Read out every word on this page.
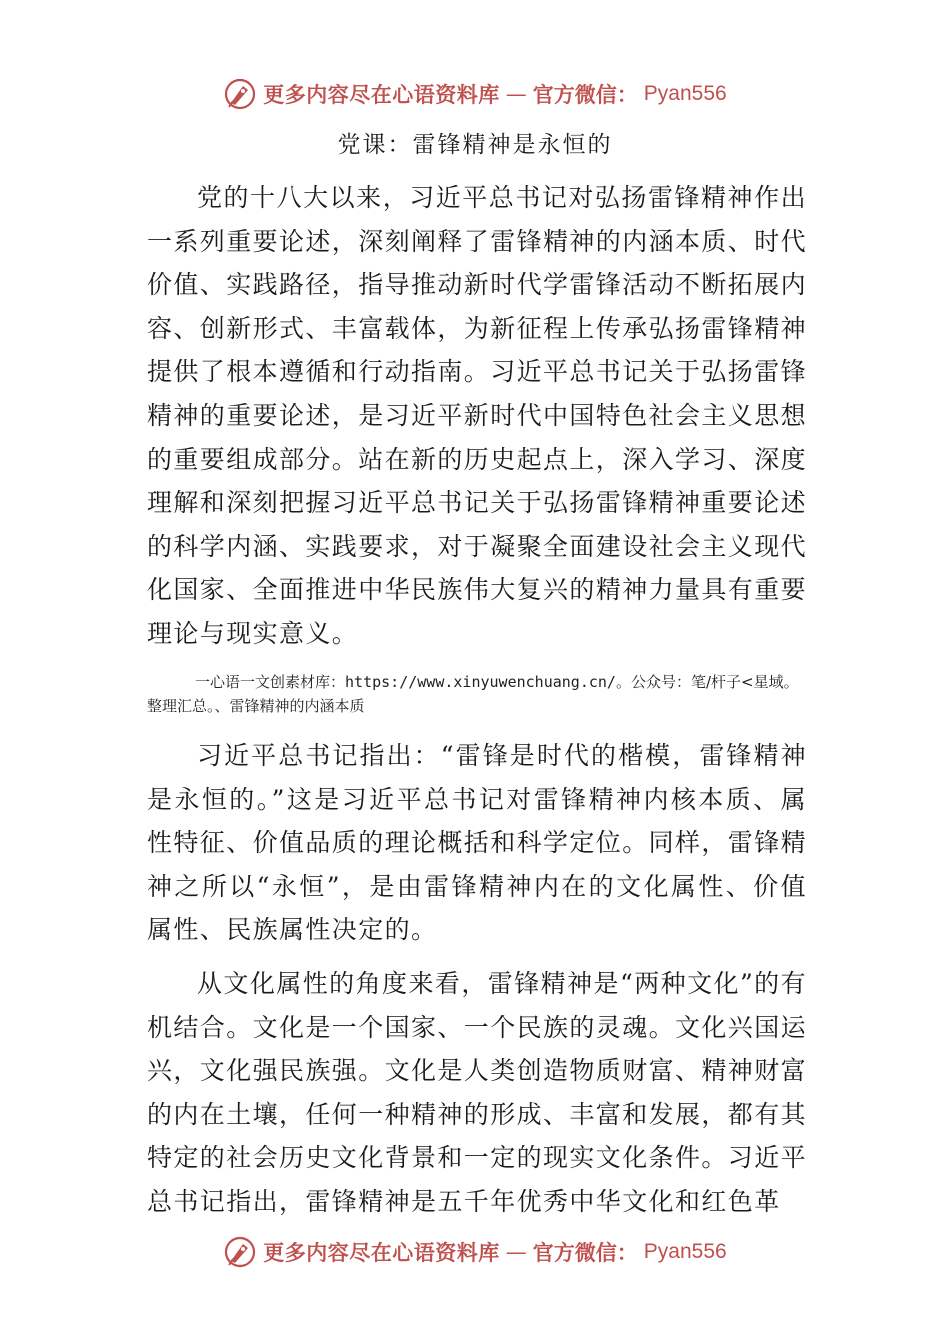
更多内容尽在心语资料库 — 官方微信： Pyan556
党课：雷锋精神是永恒的

党的十八大以来，习近平总书记对弘扬雷锋精神作出一系列重要论述，深刻阐释了雷锋精神的内涵本质、时代价值、实践路径，指导推动新时代学雷锋活动不断拓展内容、创新形式、丰富载体，为新征程上传承弘扬雷锋精神提供了根本遵循和行动指南。习近平总书记关于弘扬雷锋精神的重要论述，是习近平新时代中国特色社会主义思想的重要组成部分。站在新的历史起点上，深入学习、深度理解和深刻把握习近平总书记关于弘扬雷锋精神重要论述的科学内涵、实践要求，对于凝聚全面建设社会主义现代化国家、全面推进中华民族伟大复兴的精神力量具有重要理论与现实意义。

一心语一文创素材库：https://www.xinyuwenchuang.cn/。公众号：笔/杆子<星域。整理汇总。、雷锋精神的内涵本质

习近平总书记指出：“雷锋是时代的楷模，雷锋精神是永恒的。”这是习近平总书记对雷锋精神内核本质、属性特征、价值品质的理论概括和科学定位。同样，雷锋精神之所以“永恒”，是由雷锋精神内在的文化属性、价值属性、民族属性决定的。

从文化属性的角度来看，雷锋精神是“两种文化”的有机结合。文化是一个国家、一个民族的灵魂。文化兴国运兴，文化强民族强。文化是人类创造物质财富、精神财富的内在土壤，任何一种精神的形成、丰富和发展，都有其特定的社会历史文化背景和一定的现实文化条件。习近平总书记指出，雷锋精神是五千年优秀中华文化和红色革

更多内容尽在心语资料库 — 官方微信： Pyan556
